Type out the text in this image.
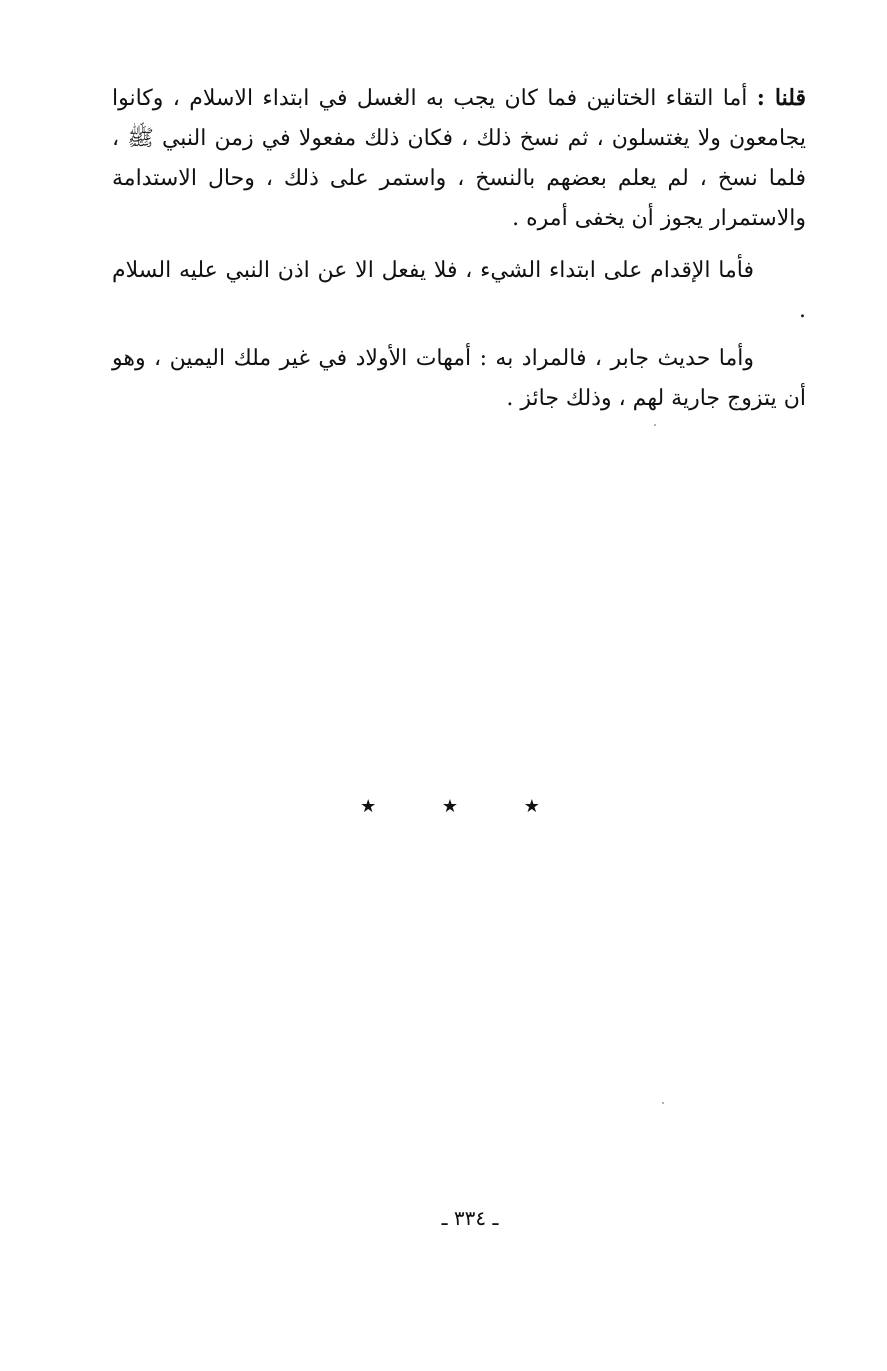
قلنا : أما التقاء الختانين فما كان يجب به الغسل في ابتداء الاسلام ، وكانوا يجامعون ولا يغتسلون ، ثم نسخ ذلك ، فكان ذلك مفعولا في زمن النبي ﷺ ، فلما نسخ ، لم يعلم بعضهم بالنسخ ، واستمر على ذلك ، وحال الاستدامة والاستمرار يجوز أن يخفى أمره .

فأما الإقدام على ابتداء الشيء ، فلا يفعل الا عن اذن النبي عليه السلام .

وأما حديث جابر ، فالمراد به : أمهات الأولاد في غير ملك اليمين ، وهو أن يتزوج جارية لهم ، وذلك جائز .

★ ★ ★
ـ ٣٣٤ ـ
